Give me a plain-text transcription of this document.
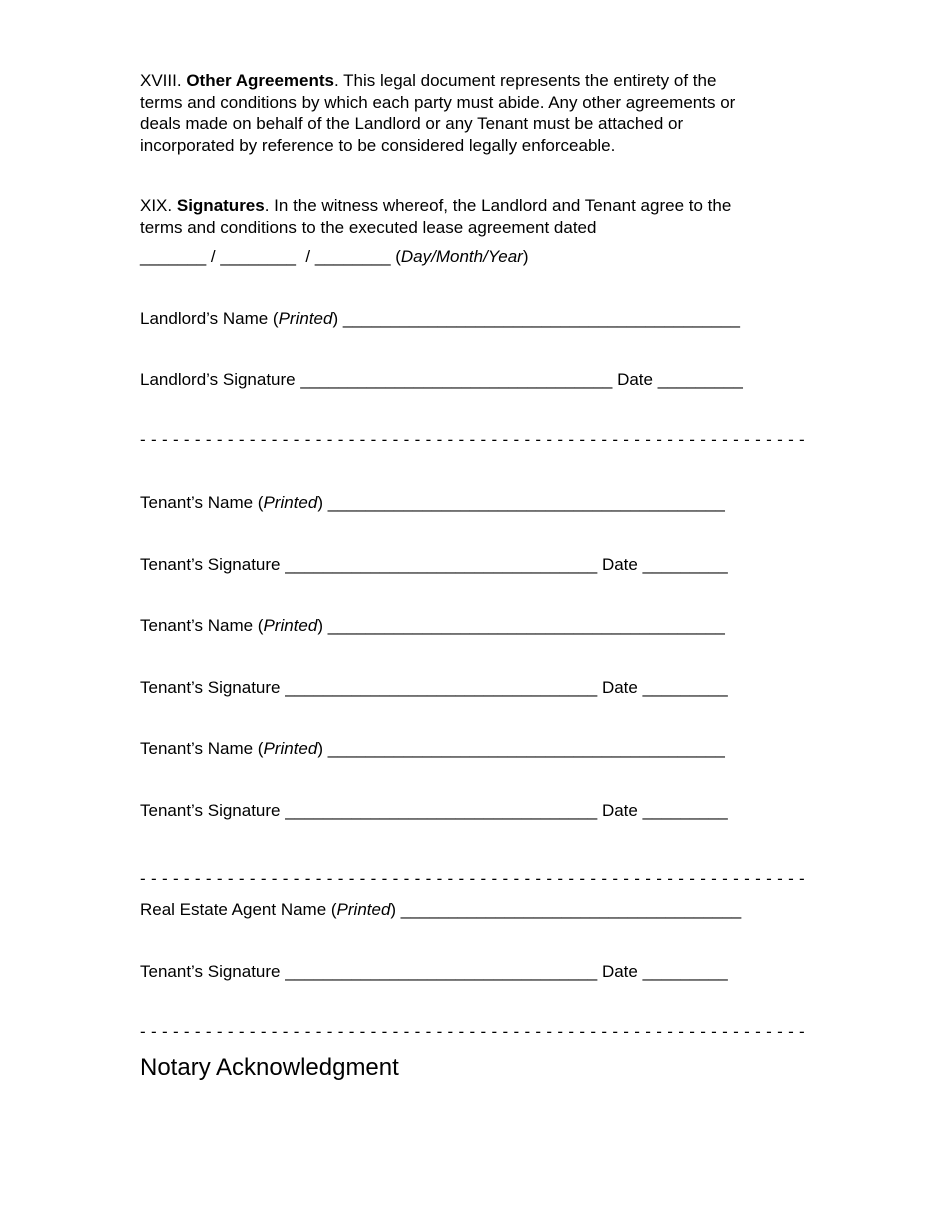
XVIII. Other Agreements. This legal document represents the entirety of the
terms and conditions by which each party must abide. Any other agreements or
deals made on behalf of the Landlord or any Tenant must be attached or
incorporated by reference to be considered legally enforceable.
XIX. Signatures. In the witness whereof, the Landlord and Tenant agree to the
terms and conditions to the executed lease agreement dated
_______ / ________  / ________ (Day/Month/Year)
Landlord’s Name (Printed) __________________________________________
Landlord’s Signature _________________________________ Date _________
- - - - - - - - - - - - - - - - - - - - - - - - - - - - - - - - - - - - - - - - - - - - - - - - - - - - - - - - - - - - -
Tenant’s Name (Printed) __________________________________________
Tenant’s Signature _________________________________ Date _________
Tenant’s Name (Printed) __________________________________________
Tenant’s Signature _________________________________ Date _________
Tenant’s Name (Printed) __________________________________________
Tenant’s Signature _________________________________ Date _________
- - - - - - - - - - - - - - - - - - - - - - - - - - - - - - - - - - - - - - - - - - - - - - - - - - - - - - - - - - - - -
Real Estate Agent Name (Printed) ____________________________________
Tenant’s Signature _________________________________ Date _________
- - - - - - - - - - - - - - - - - - - - - - - - - - - - - - - - - - - - - - - - - - - - - - - - - - - - - - - - - - - - -
Notary Acknowledgment
